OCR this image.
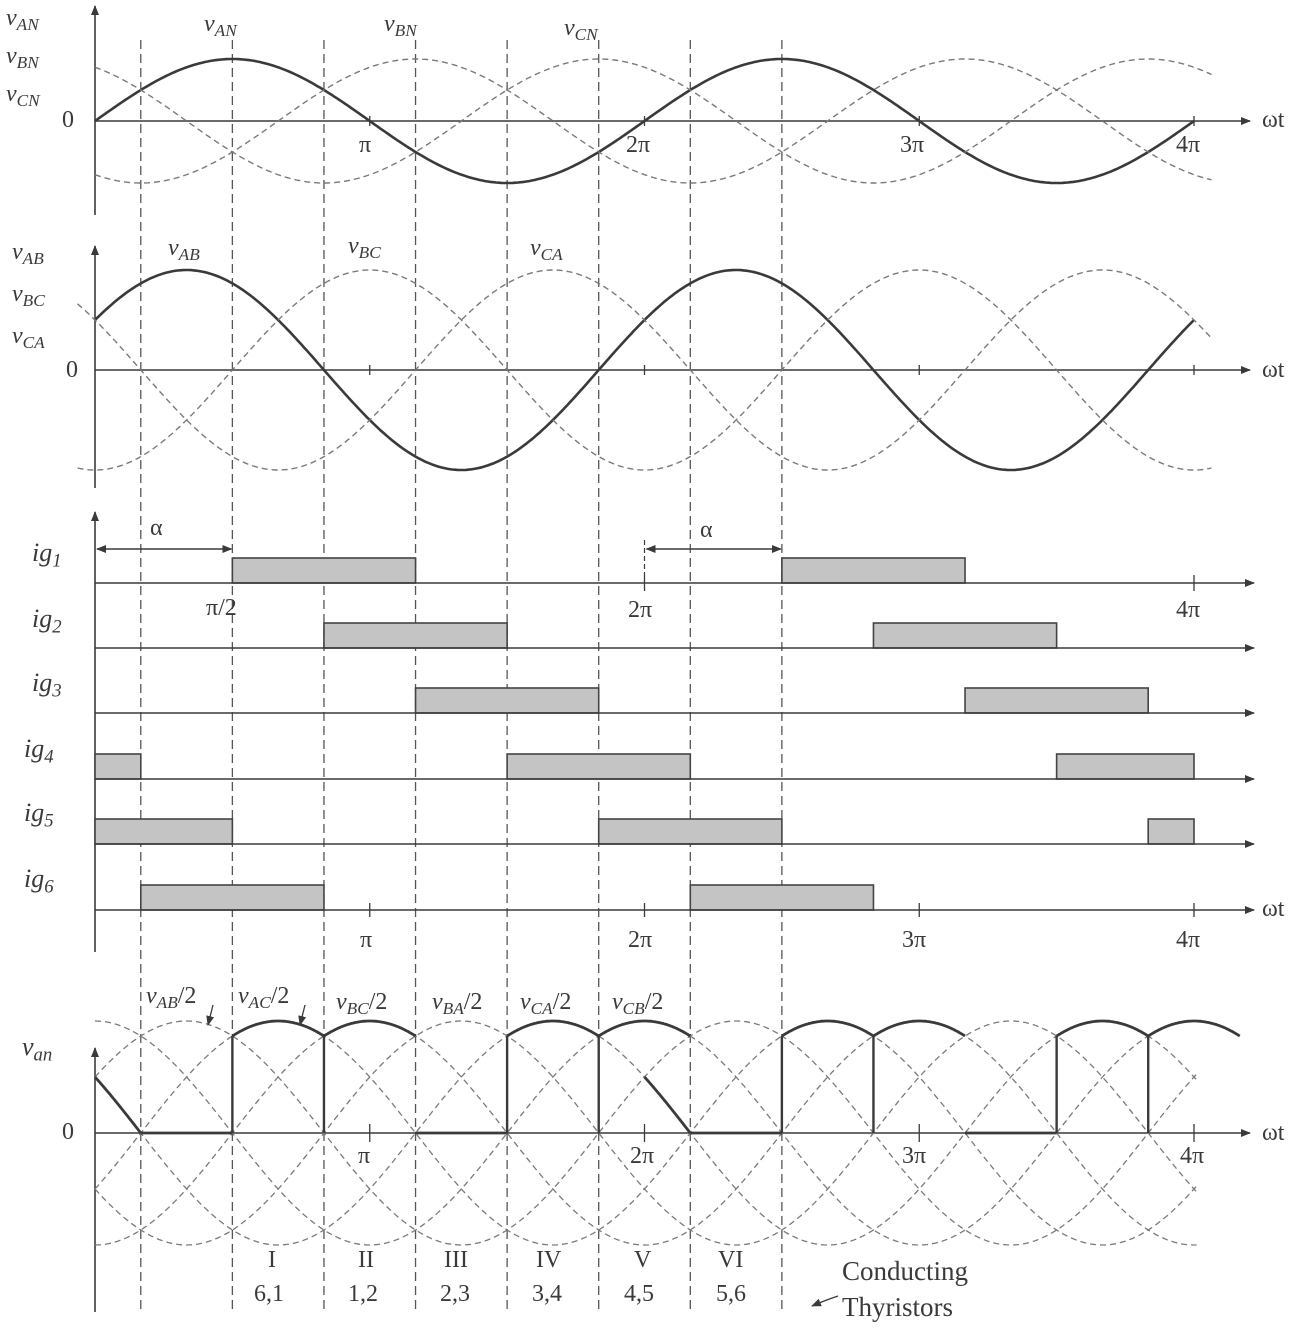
$v_{AN}$
$v_{BN}$
$v_{CN}$
0
$v_{AN}$	$v_{BN}$	$v_{CN}$
π	2π	3π	4π
ωt
$v_{AB}$
$v_{BC}$
$v_{CA}$
0
$v_{AB}$	$v_{BC}$	$v_{CA}$
ωt
α	α
π/2	2π	4π
$ig_1$
$ig_2$
$ig_3$
$ig_4$
$ig_5$
$ig_6$
π	2π	3π	4π
ωt
$v_{an}$
0
$v_{AB}/2$ $v_{AC}/2$ $v_{BC}/2$ $v_{BA}/2$ $v_{CA}/2$ $v_{CB}/2$
π	2π	3π	4π
ωt
I	II	III	IV	V	VI
6,1	1,2	2,3	3,4	4,5	5,6
Conducting
Thyristors
